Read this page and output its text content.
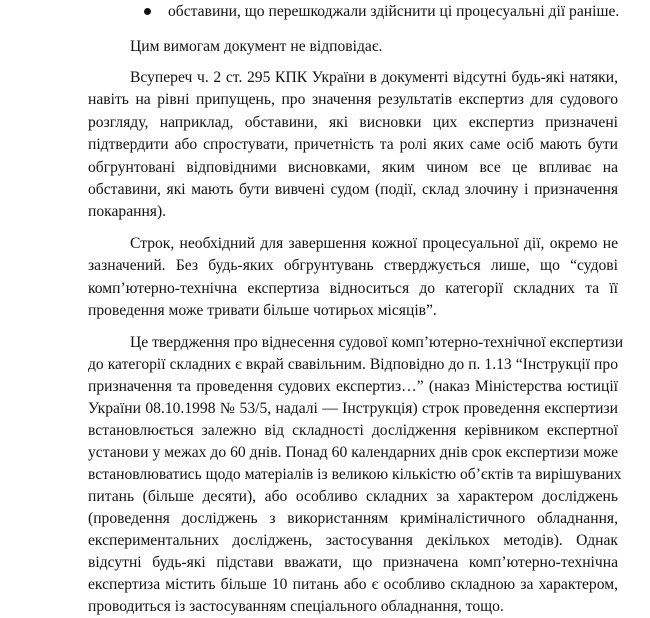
обставини, що перешкоджали здійснити ці процесуальні дії раніше.
Цим вимогам документ не відповідає.
Всупереч ч. 2 ст. 295 КПК України в документі відсутні будь-які натяки,
навіть на рівні припущень, про значення результатів експертиз для судового
розгляду, наприклад, обставини, які висновки цих експертиз призначені
підтвердити або спростувати, причетність та ролі яких саме осіб мають бути
обгрунтовані відповідними висновками, яким чином все це впливає на
обставини, які мають бути вивчені судом (події, склад злочину і призначення
покарання).
Строк, необхідний для завершення кожної процесуальної дії, окремо не
зазначений. Без будь-яких обгрунтувань стверджується лише, що “судові
комп’ютерно-технічна експертиза відноситься до категорії складних та її
проведення може тривати більше чотирьох місяців”.
Це твердження про віднесення судової комп’ютерно-технічної експертизи
до категорії складних є вкрай свавільним. Відповідно до п. 1.13 “Інструкції про
призначення та проведення судових експертиз…” (наказ Міністерства юстиції
України 08.10.1998 № 53/5, надалі — Інструкція) строк проведення експертизи
встановлюється залежно від складності дослідження керівником експертної
установи у межах до 60 днів. Понад 60 календарних днів срок експертизи може
встановлюватись щодо матеріалів із великою кількістю об’єктів та вирішуваних
питань (більше десяти), або особливо складних за характером досліджень
(проведення досліджень з використанням криміналістичного обладнання,
експериментальних досліджень, застосування декількох методів). Однак
відсутні будь-які підстави вважати, що призначена комп’ютерно-технічна
експертиза містить більше 10 питань або є особливо складною за характером,
проводиться із застосуванням спеціального обладнання, тощо.
